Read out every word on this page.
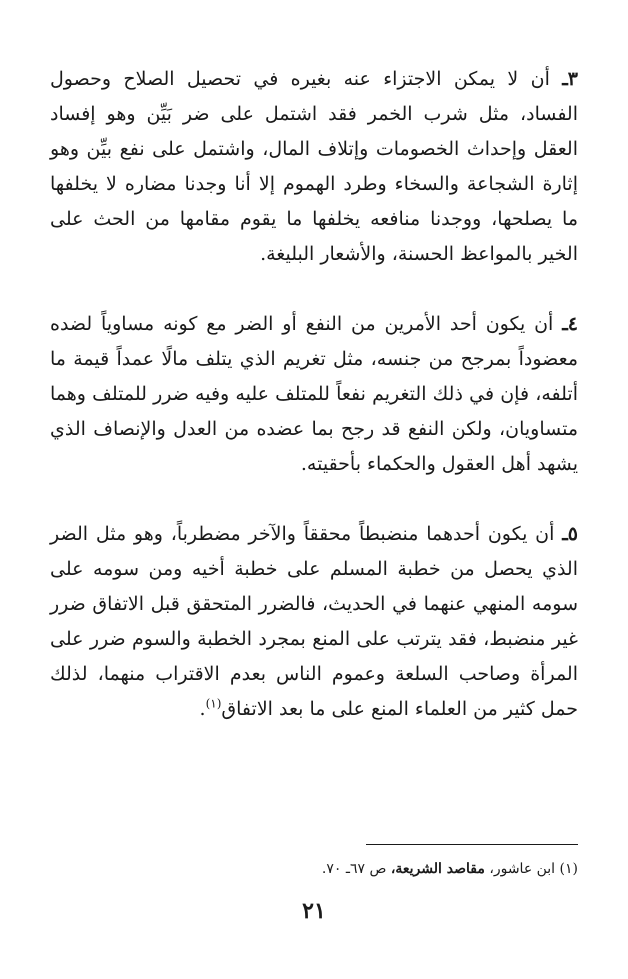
٣ـ أن لا يمكن الاجتزاء عنه بغيره في تحصيل الصلاح وحصول الفساد، مثل شرب الخمر فقد اشتمل على ضر بَيِّن وهو إفساد العقل وإحداث الخصومات وإتلاف المال، واشتمل على نفع بيِّن وهو إثارة الشجاعة والسخاء وطرد الهموم إلا أنا وجدنا مضاره لا يخلفها ما يصلحها، ووجدنا منافعه يخلفها ما يقوم مقامها من الحث على الخير بالمواعظ الحسنة، والأشعار البليغة.

٤ـ أن يكون أحد الأمرين من النفع أو الضر مع كونه مساوياً لضده معضوداً بمرجح من جنسه، مثل تغريم الذي يتلف مالًا عمداً قيمة ما أتلفه، فإن في ذلك التغريم نفعاً للمتلف عليه وفيه ضرر للمتلف وهما متساويان، ولكن النفع قد رجح بما عضده من العدل والإنصاف الذي يشهد أهل العقول والحكماء بأحقيته.

٥ـ أن يكون أحدهما منضبطاً محققاً والآخر مضطرباً، وهو مثل الضر الذي يحصل من خطبة المسلم على خطبة أخيه ومن سومه على سومه المنهي عنهما في الحديث، فالضرر المتحقق قبل الاتفاق ضرر غير منضبط، فقد يترتب على المنع بمجرد الخطبة والسوم ضرر على المرأة وصاحب السلعة وعموم الناس بعدم الاقتراب منهما، لذلك حمل كثير من العلماء المنع على ما بعد الاتفاق$^{(١)}$.

(١) ابن عاشور، مقاصد الشريعة، ص ٦٧ـ ٧٠.
٢١
